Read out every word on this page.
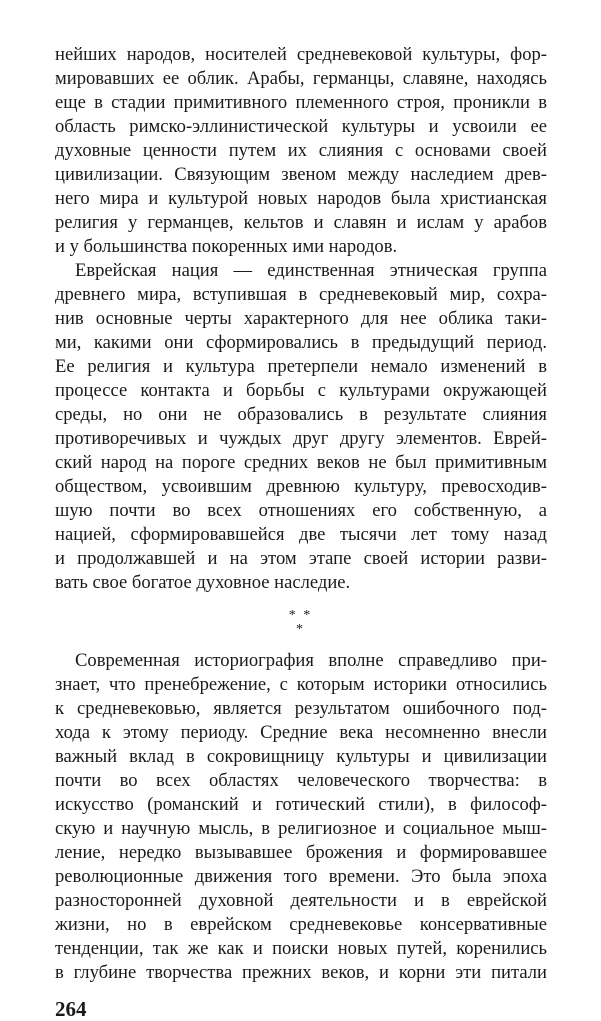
нейших народов, носителей средневековой культуры, фор-

мировавших ее облик. Арабы, германцы, славяне, находясь

еще в стадии примитивного племенного строя, проникли в

область римско-эллинистической культуры и усвоили ее

духовные ценности путем их слияния с основами своей

цивилизации. Связующим звеном между наследием древ-

него мира и культурой новых народов была христианская

религия у германцев, кельтов и славян и ислам у арабов

и у большинства покоренных ими народов.

Еврейская нация — единственная этническая группа

древнего мира, вступившая в средневековый мир, сохра-

нив основные черты характерного для нее облика таки-

ми, какими они сформировались в предыдущий период.

Ее религия и культура претерпели немало изменений в

процессе контакта и борьбы с культурами окружающей

среды, но они не образовались в результате слияния

противоречивых и чуждых друг другу элементов. Еврей-

ский народ на пороге средних веков не был примитивным

обществом, усвоившим древнюю культуру, превосходив-

шую почти во всех отношениях его собственную, а

нацией, сформировавшейся две тысячи лет тому назад

и продолжавшей и на этом этапе своей истории разви-

вать свое богатое духовное наследие.

* *
*

Современная историография вполне справедливо при-

знает, что пренебрежение, с которым историки относились

к средневековью, является результатом ошибочного под-

хода к этому периоду. Средние века несомненно внесли

важный вклад в сокровищницу культуры и цивилизации

почти во всех областях человеческого творчества: в

искусство (романский и готический стили), в философ-

скую и научную мысль, в религиозное и социальное мыш-

ление, нередко вызывавшее брожения и формировавшее

революционные движения того времени. Это была эпоха

разносторонней духовной деятельности и в еврейской

жизни, но в еврейском средневековье консервативные

тенденции, так же как и поиски новых путей, коренились

в глубине творчества прежних веков, и корни эти питали

264
